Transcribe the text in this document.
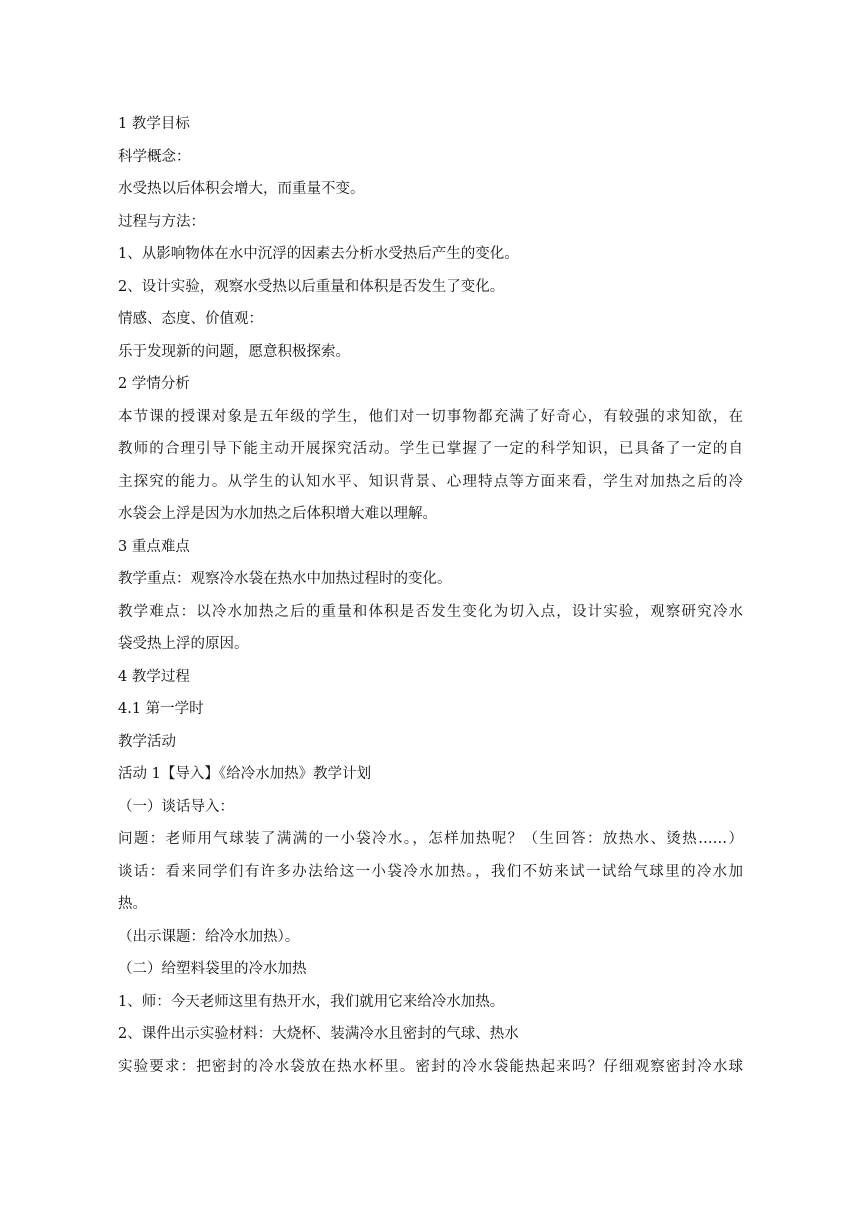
1 教学目标
科学概念：
水受热以后体积会增大，而重量不变。
过程与方法：
1、从影响物体在水中沉浮的因素去分析水受热后产生的变化。
2、设计实验，观察水受热以后重量和体积是否发生了变化。
情感、态度、价值观：
乐于发现新的问题，愿意积极探索。
2 学情分析
本节课的授课对象是五年级的学生，他们对一切事物都充满了好奇心，有较强的求知欲，在
教师的合理引导下能主动开展探究活动。学生已掌握了一定的科学知识，已具备了一定的自
主探究的能力。从学生的认知水平、知识背景、心理特点等方面来看，学生对加热之后的冷
水袋会上浮是因为水加热之后体积增大难以理解。
3 重点难点
教学重点：观察冷水袋在热水中加热过程时的变化。
教学难点：以冷水加热之后的重量和体积是否发生变化为切入点，设计实验，观察研究冷水
袋受热上浮的原因。
4 教学过程
4.1 第一学时
教学活动
活动 1【导入】《给冷水加热》教学计划
（一）谈话导入：
问题：老师用气球装了满满的一小袋冷水。，怎样加热呢？（生回答：放热水、烫热……）
谈话：看来同学们有许多办法给这一小袋冷水加热。，我们不妨来试一试给气球里的冷水加
热。
（出示课题：给冷水加热）。
（二）给塑料袋里的冷水加热
1、师：今天老师这里有热开水，我们就用它来给冷水加热。
2、课件出示实验材料：大烧杯、装满冷水且密封的气球、热水
实验要求：把密封的冷水袋放在热水杯里。密封的冷水袋能热起来吗？仔细观察密封冷水球
